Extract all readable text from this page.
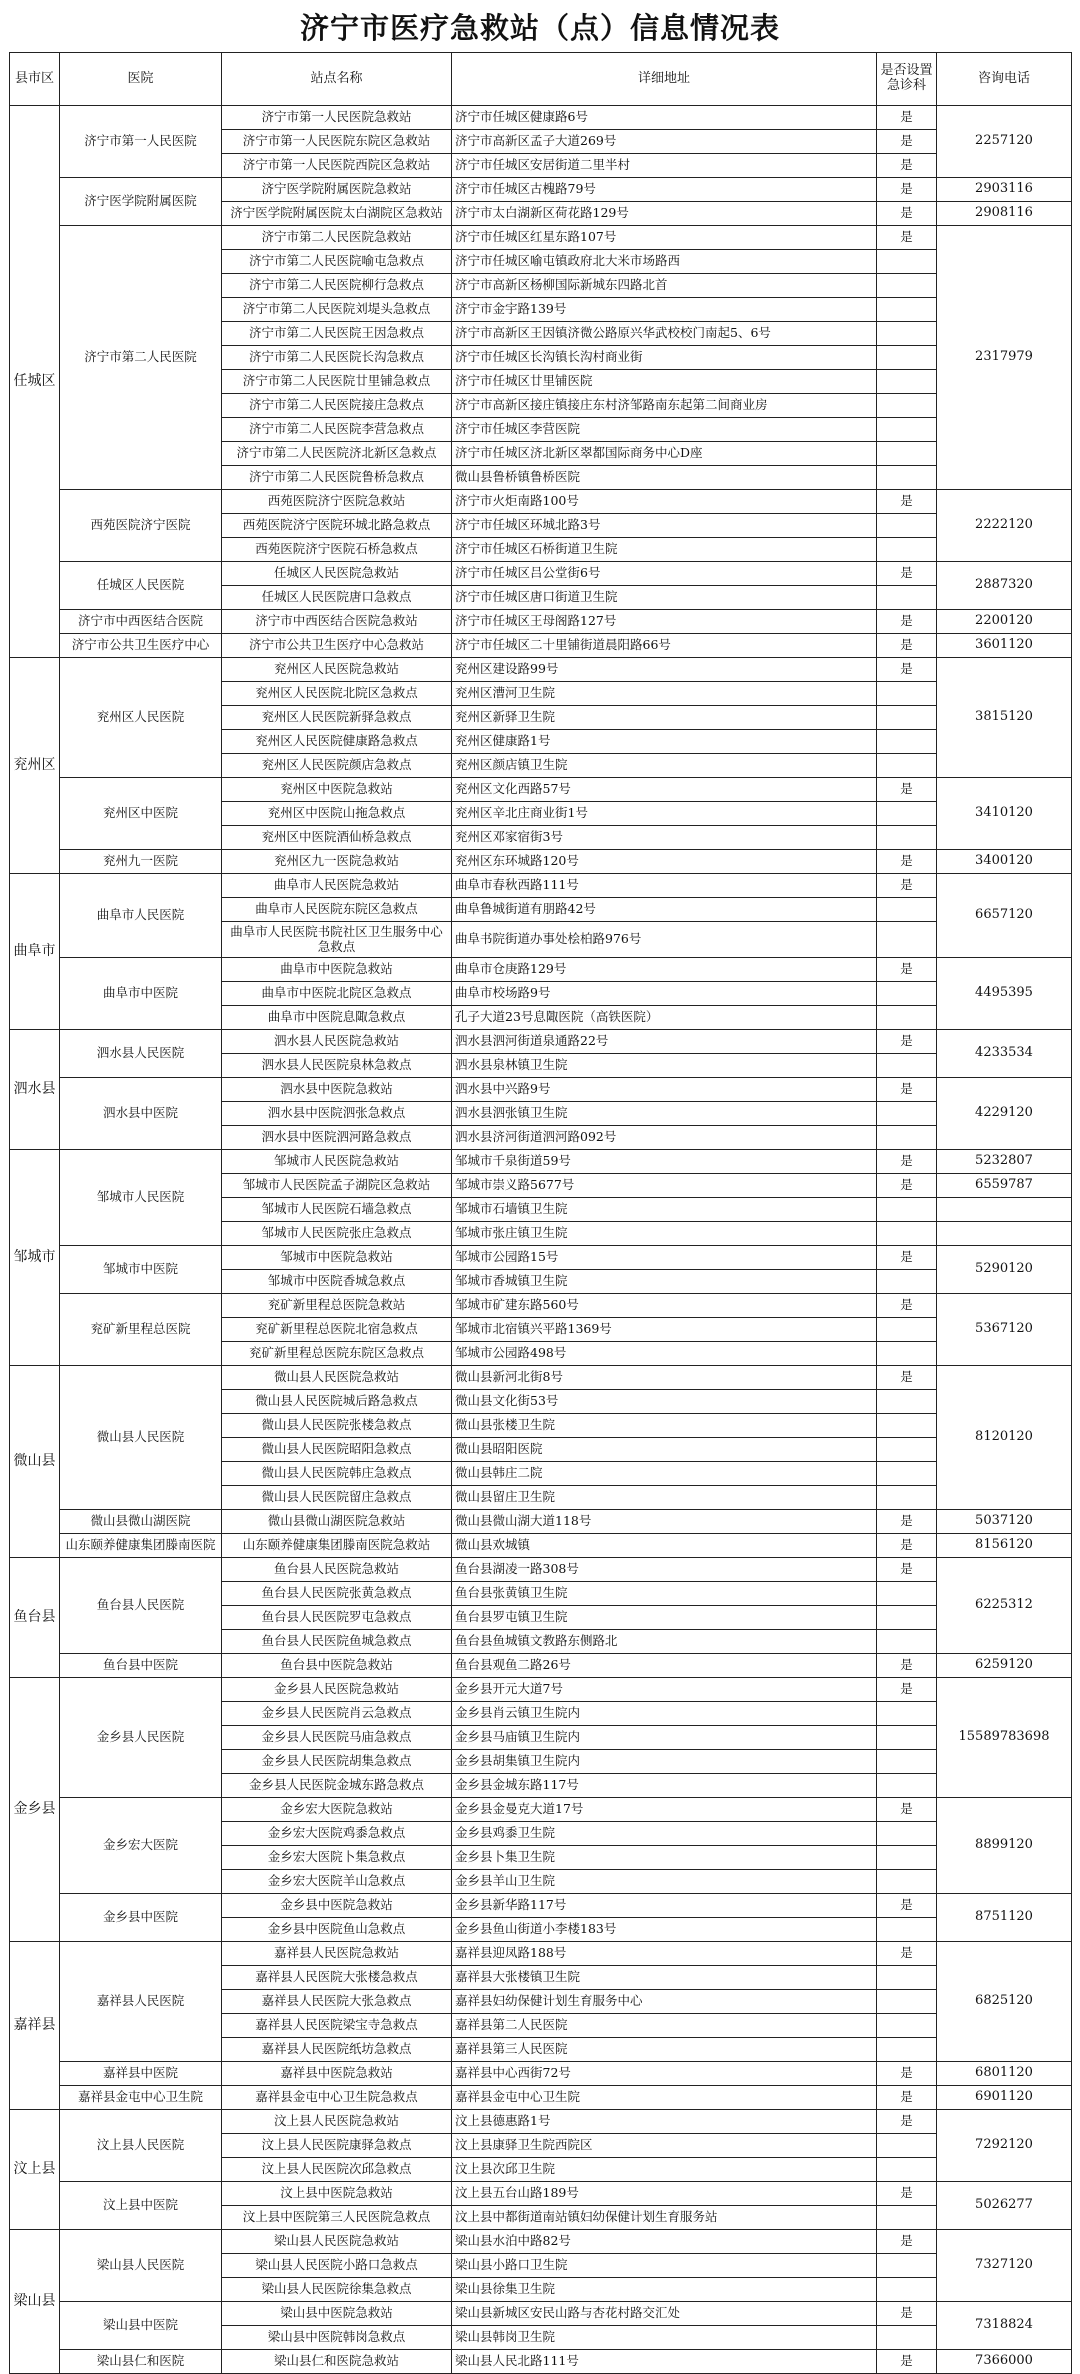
济宁市医疗急救站（点）信息情况表
县市区	医院	站点名称	详细地址	是否设置急诊科	咨询电话
任城区	济宁市第一人民医院	济宁市第一人民医院急救站	济宁市任城区健康路6号	是	2257120
		济宁市第一人民医院东院区急救站	济宁市高新区孟子大道269号	是	
		济宁市第一人民医院西院区急救站	济宁市任城区安居街道二里半村	是	
	济宁医学院附属医院	济宁医学院附属医院急救站	济宁市任城区古槐路79号	是	2903116
		济宁医学院附属医院太白湖院区急救站	济宁市太白湖新区荷花路129号	是	2908116
	济宁市第二人民医院	济宁市第二人民医院急救站	济宁市任城区红星东路107号	是	2317979
		济宁市第二人民医院喻屯急救点	济宁市任城区喻屯镇政府北大米市场路西		
		济宁市第二人民医院柳行急救点	济宁市高新区杨柳国际新城东四路北首		
		济宁市第二人民医院刘堤头急救点	济宁市金宇路139号		
		济宁市第二人民医院王因急救点	济宁市高新区王因镇济微公路原兴华武校校门南起5、6号		
		济宁市第二人民医院长沟急救点	济宁市任城区长沟镇长沟村商业街		
		济宁市第二人民医院廿里铺急救点	济宁市任城区廿里铺医院		
		济宁市第二人民医院接庄急救点	济宁市高新区接庄镇接庄东村济邹路南东起第二间商业房		
		济宁市第二人民医院李营急救点	济宁市任城区李营医院		
		济宁市第二人民医院济北新区急救点	济宁市任城区济北新区翠都国际商务中心D座		
		济宁市第二人民医院鲁桥急救点	微山县鲁桥镇鲁桥医院		
	西苑医院济宁医院	西苑医院济宁医院急救站	济宁市火炬南路100号	是	2222120
		西苑医院济宁医院环城北路急救点	济宁市任城区环城北路3号		
		西苑医院济宁医院石桥急救点	济宁市任城区石桥街道卫生院		
	任城区人民医院	任城区人民医院急救站	济宁市任城区吕公堂街6号	是	2887320
		任城区人民医院唐口急救点	济宁市任城区唐口街道卫生院		
	济宁市中西医结合医院	济宁市中西医结合医院急救站	济宁市任城区王母阁路127号	是	2200120
	济宁市公共卫生医疗中心	济宁市公共卫生医疗中心急救站	济宁市任城区二十里铺街道晨阳路66号	是	3601120
兖州区	兖州区人民医院	兖州区人民医院急救站	兖州区建设路99号	是	3815120
		兖州区人民医院北院区急救点	兖州区漕河卫生院		
		兖州区人民医院新驿急救点	兖州区新驿卫生院		
		兖州区人民医院健康路急救点	兖州区健康路1号		
		兖州区人民医院颜店急救点	兖州区颜店镇卫生院		
	兖州区中医院	兖州区中医院急救站	兖州区文化西路57号	是	3410120
		兖州区中医院山拖急救点	兖州区辛北庄商业街1号		
		兖州区中医院酒仙桥急救点	兖州区邓家宿街3号		
	兖州九一医院	兖州区九一医院急救站	兖州区东环城路120号	是	3400120
曲阜市	曲阜市人民医院	曲阜市人民医院急救站	曲阜市春秋西路111号	是	6657120
		曲阜市人民医院东院区急救点	曲阜鲁城街道有朋路42号		
		曲阜市人民医院书院社区卫生服务中心急救点	曲阜书院街道办事处桧柏路976号		
	曲阜市中医院	曲阜市中医院急救站	曲阜市仓庚路129号	是	4495395
		曲阜市中医院北院区急救点	曲阜市校场路9号		
		曲阜市中医院息陬急救点	孔子大道23号息陬医院（高铁医院）		
泗水县	泗水县人民医院	泗水县人民医院急救站	泗水县泗河街道泉通路22号	是	4233534
		泗水县人民医院泉林急救点	泗水县泉林镇卫生院		
	泗水县中医院	泗水县中医院急救站	泗水县中兴路9号	是	4229120
		泗水县中医院泗张急救点	泗水县泗张镇卫生院		
		泗水县中医院泗河路急救点	泗水县济河街道泗河路092号		
邹城市	邹城市人民医院	邹城市人民医院急救站	邹城市千泉街道59号	是	5232807
		邹城市人民医院孟子湖院区急救站	邹城市崇义路5677号	是	6559787
		邹城市人民医院石墙急救点	邹城市石墙镇卫生院		
		邹城市人民医院张庄急救点	邹城市张庄镇卫生院		
	邹城市中医院	邹城市中医院急救站	邹城市公园路15号	是	5290120
		邹城市中医院香城急救点	邹城市香城镇卫生院		
	兖矿新里程总医院	兖矿新里程总医院急救站	邹城市矿建东路560号	是	5367120
		兖矿新里程总医院北宿急救点	邹城市北宿镇兴平路1369号		
		兖矿新里程总医院东院区急救点	邹城市公园路498号		
微山县	微山县人民医院	微山县人民医院急救站	微山县新河北街8号	是	8120120
		微山县人民医院城后路急救点	微山县文化街53号		
		微山县人民医院张楼急救点	微山县张楼卫生院		
		微山县人民医院昭阳急救点	微山县昭阳医院		
		微山县人民医院韩庄急救点	微山县韩庄二院		
		微山县人民医院留庄急救点	微山县留庄卫生院		
	微山县微山湖医院	微山县微山湖医院急救站	微山县微山湖大道118号	是	5037120
	山东颐养健康集团滕南医院	山东颐养健康集团滕南医院急救站	微山县欢城镇	是	8156120
鱼台县	鱼台县人民医院	鱼台县人民医院急救站	鱼台县湖凌一路308号	是	6225312
		鱼台县人民医院张黄急救点	鱼台县张黄镇卫生院		
		鱼台县人民医院罗屯急救点	鱼台县罗屯镇卫生院		
		鱼台县人民医院鱼城急救点	鱼台县鱼城镇文教路东侧路北		
	鱼台县中医院	鱼台县中医院急救站	鱼台县观鱼二路26号	是	6259120
金乡县	金乡县人民医院	金乡县人民医院急救站	金乡县开元大道7号	是	15589783698
		金乡县人民医院肖云急救点	金乡县肖云镇卫生院内		
		金乡县人民医院马庙急救点	金乡县马庙镇卫生院内		
		金乡县人民医院胡集急救点	金乡县胡集镇卫生院内		
		金乡县人民医院金城东路急救点	金乡县金城东路117号		
	金乡宏大医院	金乡宏大医院急救站	金乡县金曼克大道17号	是	8899120
		金乡宏大医院鸡黍急救点	金乡县鸡黍卫生院		
		金乡宏大医院卜集急救点	金乡县卜集卫生院		
		金乡宏大医院羊山急救点	金乡县羊山卫生院		
	金乡县中医院	金乡县中医院急救站	金乡县新华路117号	是	8751120
		金乡县中医院鱼山急救点	金乡县鱼山街道小李楼183号		
嘉祥县	嘉祥县人民医院	嘉祥县人民医院急救站	嘉祥县迎凤路188号	是	6825120
		嘉祥县人民医院大张楼急救点	嘉祥县大张楼镇卫生院		
		嘉祥县人民医院大张急救点	嘉祥县妇幼保健计划生育服务中心		
		嘉祥县人民医院梁宝寺急救点	嘉祥县第二人民医院		
		嘉祥县人民医院纸坊急救点	嘉祥县第三人民医院		
	嘉祥县中医院	嘉祥县中医院急救站	嘉祥县中心西街72号	是	6801120
	嘉祥县金屯中心卫生院	嘉祥县金屯中心卫生院急救点	嘉祥县金屯中心卫生院	是	6901120
汶上县	汶上县人民医院	汶上县人民医院急救站	汶上县德惠路1号	是	7292120
		汶上县人民医院康驿急救点	汶上县康驿卫生院西院区		
		汶上县人民医院次邱急救点	汶上县次邱卫生院		
	汶上县中医院	汶上县中医院急救站	汶上县五台山路189号	是	5026277
		汶上县中医院第三人民医院急救点	汶上县中都街道南站镇妇幼保健计划生育服务站		
梁山县	梁山县人民医院	梁山县人民医院急救站	梁山县水泊中路82号	是	7327120
		梁山县人民医院小路口急救点	梁山县小路口卫生院		
		梁山县人民医院徐集急救点	梁山县徐集卫生院		
	梁山县中医院	梁山县中医院急救站	梁山县新城区安民山路与杏花村路交汇处	是	7318824
		梁山县中医院韩岗急救点	梁山县韩岗卫生院		
	梁山县仁和医院	梁山县仁和医院急救站	梁山县人民北路111号	是	7366000
